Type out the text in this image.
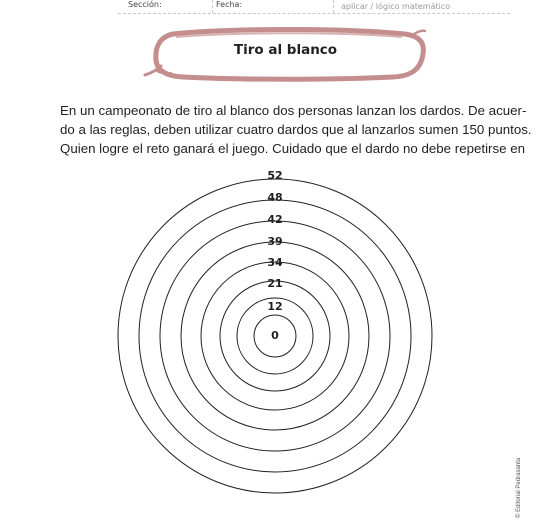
Sección:	Fecha:	aplicar / lógico matemático
Tiro al blanco
En un campeonato de tiro al blanco dos personas lanzan los dardos. De acuer-
do a las reglas, deben utilizar cuatro dardos que al lanzarlos sumen 150 puntos.
Quien logre el reto ganará el juego. Cuidado que el dardo no debe repetirse en
52
48
42
39
34
21
12
0
© Editorial Pedrasanta
